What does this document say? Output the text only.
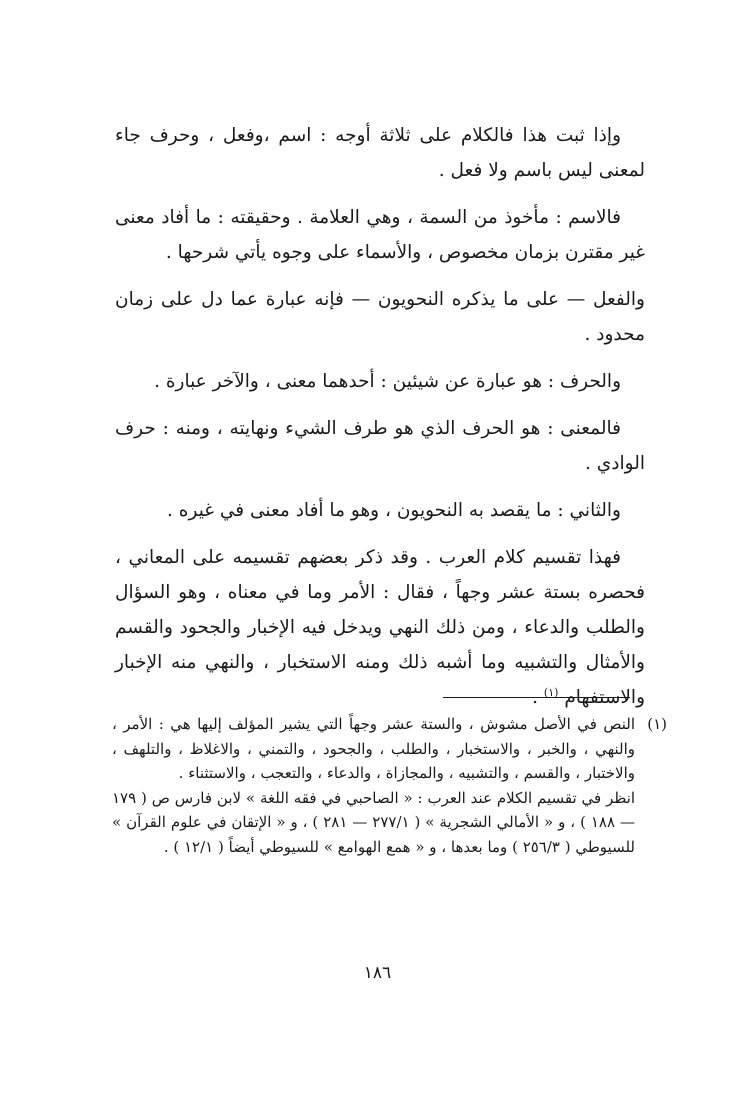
وإذا ثبت هذا فالكلام على ثلاثة أوجه : اسم ،وفعل ، وحرف جاء لمعنى ليس باسم ولا فعل .

فالاسم : مأخوذ من السمة ، وهي العلامة . وحقيقته : ما أفاد معنى غير مقترن بزمان مخصوص ، والأسماء على وجوه يأتي شرحها .

والفعل — على ما يذكره النحويون — فإنه عبارة عما دل على زمان محدود .

والحرف : هو عبارة عن شيئين : أحدهما معنى ، والآخر عبارة .

فالمعنى : هو الحرف الذي هو طرف الشيء ونهايته ، ومنه : حرف الوادي .

والثاني : ما يقصد به النحويون ، وهو ما أفاد معنى في غيره .

فهذا تقسيم كلام العرب . وقد ذكر بعضهم تقسيمه على المعاني ، فحصره بستة عشر وجهاً ، فقال : الأمر وما في معناه ، وهو السؤال والطلب والدعاء ، ومن ذلك النهي ويدخل فيه الإخبار والجحود والقسم والأمثال والتشبيه وما أشبه ذلك ومنه الاستخبار ، والنهي منه الإخبار والاستفهام $^{(١)}$ .

(١)

النص في الأصل مشوش ، والستة عشر وجهاً التي يشير المؤلف إليها هي : الأمر ، والنهي ، والخبر ، والاستخبار ، والطلب ، والجحود ، والتمني ، والاغلاظ ، والتلهف ، والاختبار ، والقسم ، والتشبيه ، والمجازاة ، والدعاء ، والتعجب ، والاستثناء .

انظر في تقسيم الكلام عند العرب : « الصاحبي في فقه اللغة » لابن فارس ص ( ١٧٩ — ١٨٨ ) ، و « الأمالي الشجرية » ( ٢٧٧/١ — ٢٨١ ) ، و « الإتقان في علوم القرآن » للسيوطي ( ٢٥٦/٣ ) وما بعدها ، و « همع الهوامع » للسيوطي أيضاً ( ١٢/١ ) .

١٨٦
